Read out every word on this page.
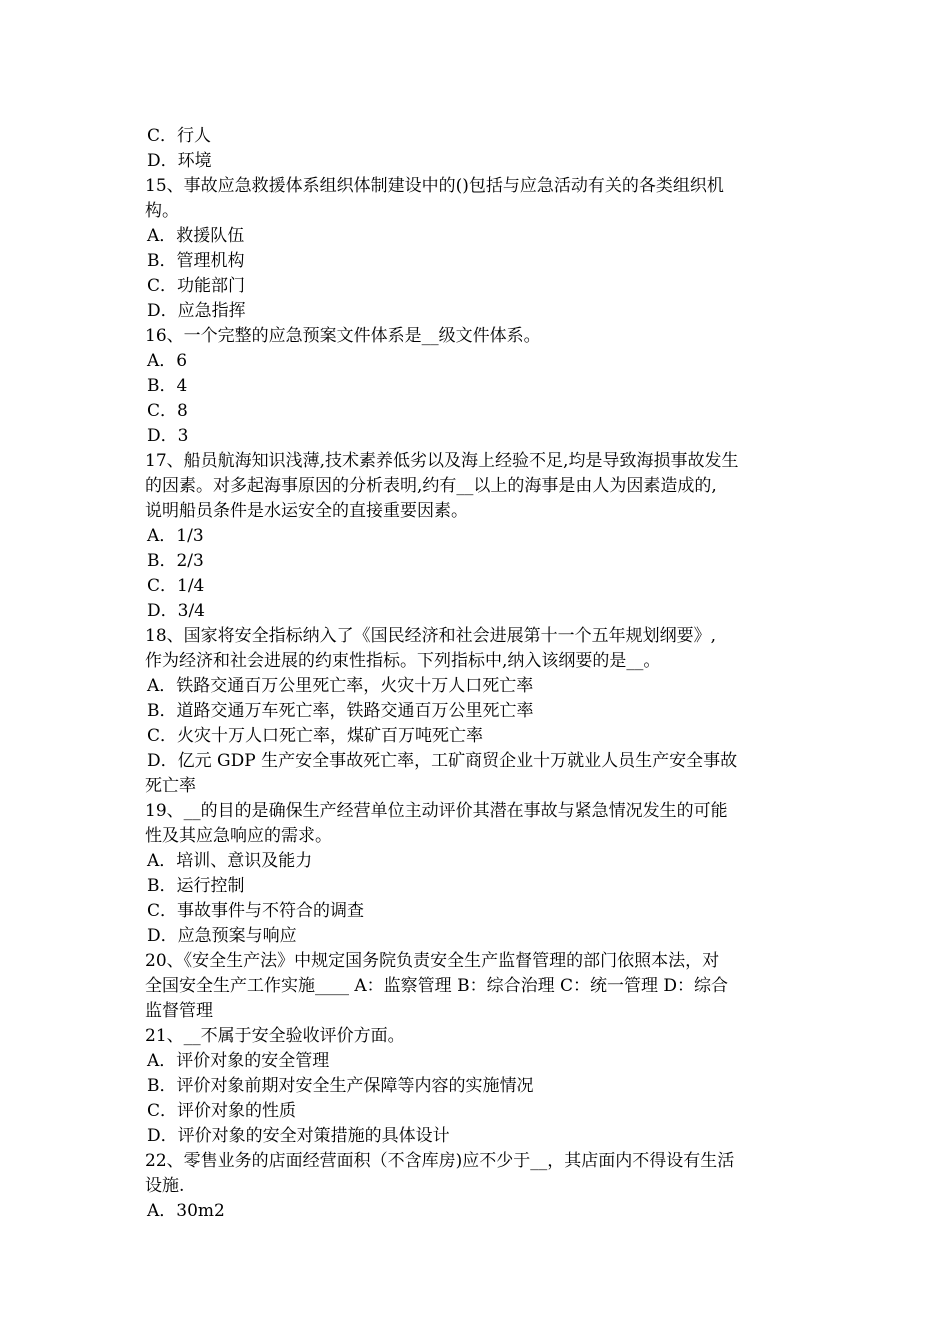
C．行人
D．环境
15、事故应急救援体系组织体制建设中的()包括与应急活动有关的各类组织机
构。
A．救援队伍
B．管理机构
C．功能部门
D．应急指挥
16、一个完整的应急预案文件体系是__级文件体系。
A．6
B．4
C．8
D．3
17、船员航海知识浅薄,技术素养低劣以及海上经验不足,均是导致海损事故发生
的因素。对多起海事原因的分析表明,约有__以上的海事是由人为因素造成的,
说明船员条件是水运安全的直接重要因素。
A．1/3
B．2/3
C．1/4
D．3/4
18、国家将安全指标纳入了《国民经济和社会进展第十一个五年规划纲要》,
作为经济和社会进展的约束性指标。下列指标中,纳入该纲要的是__。
A．铁路交通百万公里死亡率，火灾十万人口死亡率
B．道路交通万车死亡率，铁路交通百万公里死亡率
C．火灾十万人口死亡率，煤矿百万吨死亡率
D．亿元 GDP 生产安全事故死亡率，工矿商贸企业十万就业人员生产安全事故
死亡率
19、__的目的是确保生产经营单位主动评价其潜在事故与紧急情况发生的可能
性及其应急响应的需求。
A．培训、意识及能力
B．运行控制
C．事故事件与不符合的调查
D．应急预案与响应
20、《安全生产法》中规定国务院负责安全生产监督管理的部门依照本法，对
全国安全生产工作实施____ A：监察管理 B：综合治理 C：统一管理 D：综合
监督管理
21、__不属于安全验收评价方面。
A．评价对象的安全管理
B．评价对象前期对安全生产保障等内容的实施情况
C．评价对象的性质
D．评价对象的安全对策措施的具体设计
22、零售业务的店面经营面积（不含库房)应不少于__，其店面内不得设有生活
设施.
A．30m2
